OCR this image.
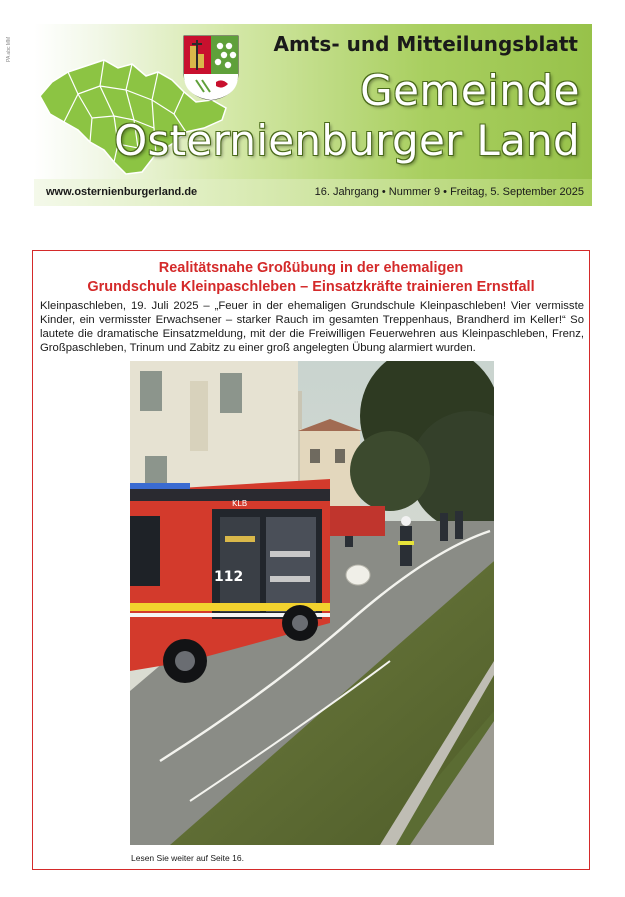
PA abc MM	Amts- und Mitteilungsblatt
Gemeinde
Osternienburger Land
www.osternienburgerland.de	16. Jahrgang • Nummer 9 • Freitag, 5. September 2025
Realitätsnahe Großübung in der ehemaligen
Grundschule Kleinpaschleben – Einsatzkräfte trainieren Ernstfall
Kleinpaschleben, 19. Juli 2025 – „Feuer in der ehemaligen Grundschule Kleinpaschleben! Vier vermisste Kinder, ein vermisster Erwachsener – starker Rauch im gesamten Treppenhaus, Brandherd im Keller!“ So lautete die dramatische Einsatzmeldung, mit der die Freiwilligen Feuerwehren aus Kleinpaschleben, Frenz, Großpaschleben, Trinum und Zabitz zu einer groß angelegten Übung alarmiert wurden.
112
KLB
Lesen Sie weiter auf Seite 16.
